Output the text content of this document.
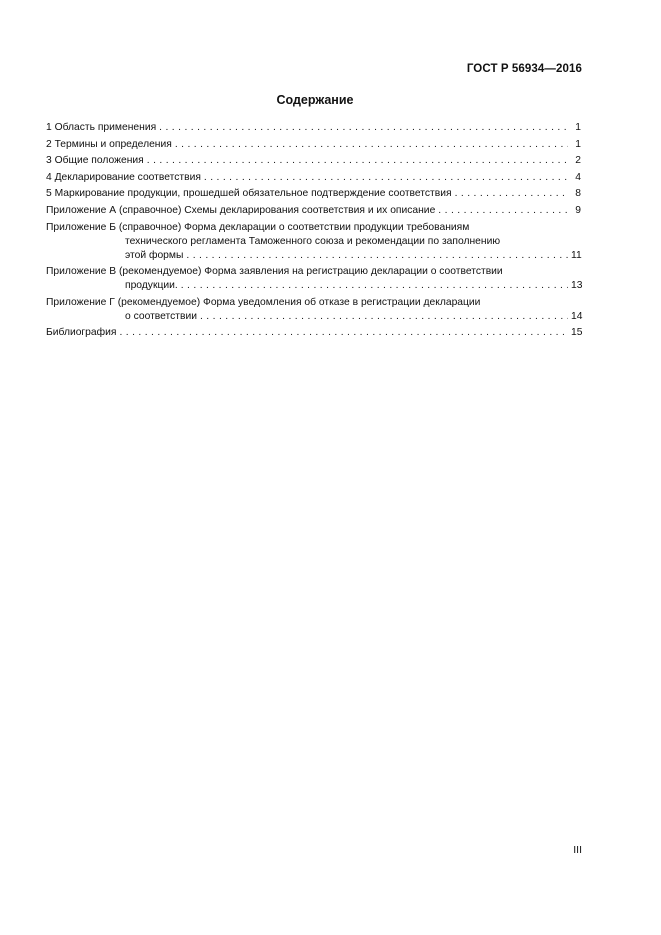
ГОСТ Р 56934—2016
Содержание
1 Область применения . . .	1
2 Термины и определения . . .	1
3 Общие положения . . .	2
4 Декларирование соответствия . . .	4
5 Маркирование продукции, прошедшей обязательное подтверждение соответствия . . .	8
Приложение А (справочное) Схемы декларирования соответствия и их описание . . .	9
Приложение Б (справочное) Форма декларации о соответствии продукции требованиям
технического регламента Таможенного союза и рекомендации по заполнению
этой формы . . .	11
Приложение В (рекомендуемое) Форма заявления на регистрацию декларации о соответствии
продукции. . . .	13
Приложение Г (рекомендуемое) Форма уведомления об отказе в регистрации декларации
о соответствии . . .	14
Библиография . . .	15
III
